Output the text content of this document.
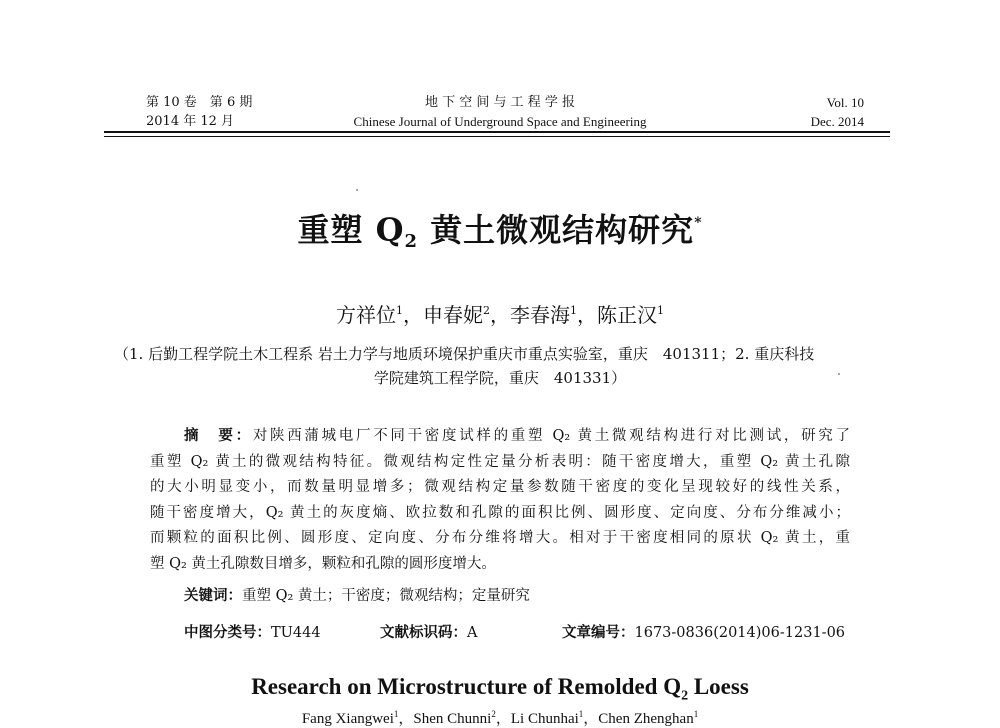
第 10 卷　第 6 期
2014 年 12 月
地 下 空 间 与 工 程 学 报
Chinese Journal of Underground Space and Engineering
Vol. 10
Dec. 2014
重塑 $Q_2$ 黄土微观结构研究*
方祥位$^1$，申春妮$^2$，李春海$^1$，陈正汉$^1$
（1. 后勤工程学院土木工程系 岩土力学与地质环境保护重庆市重点实验室，重庆　401311；2. 重庆科技
学院建筑工程学院，重庆　401331）

摘　要：对陕西蒲城电厂不同干密度试样的重塑 Q₂ 黄土微观结构进行对比测试，研究了

重塑 Q₂ 黄土的微观结构特征。微观结构定性定量分析表明：随干密度增大，重塑 Q₂ 黄土孔隙

的大小明显变小，而数量明显增多；微观结构定量参数随干密度的变化呈现较好的线性关系，

随干密度增大，Q₂ 黄土的灰度熵、欧拉数和孔隙的面积比例、圆形度、定向度、分布分维减小；

而颗粒的面积比例、圆形度、定向度、分布分维将增大。相对于干密度相同的原状 Q₂ 黄土，重

塑 Q₂ 黄土孔隙数目增多，颗粒和孔隙的圆形度增大。

关键词：重塑 Q₂ 黄土；干密度；微观结构；定量研究
中图分类号：TU444	文献标识码：A	文章编号：1673-0836(2014)06-1231-06
Research on Microstructure of Remolded $Q_2$ Loess
Fang Xiangwei$^1$，Shen Chunni$^2$，Li Chunhai$^1$，Chen Zhenghan$^1$
